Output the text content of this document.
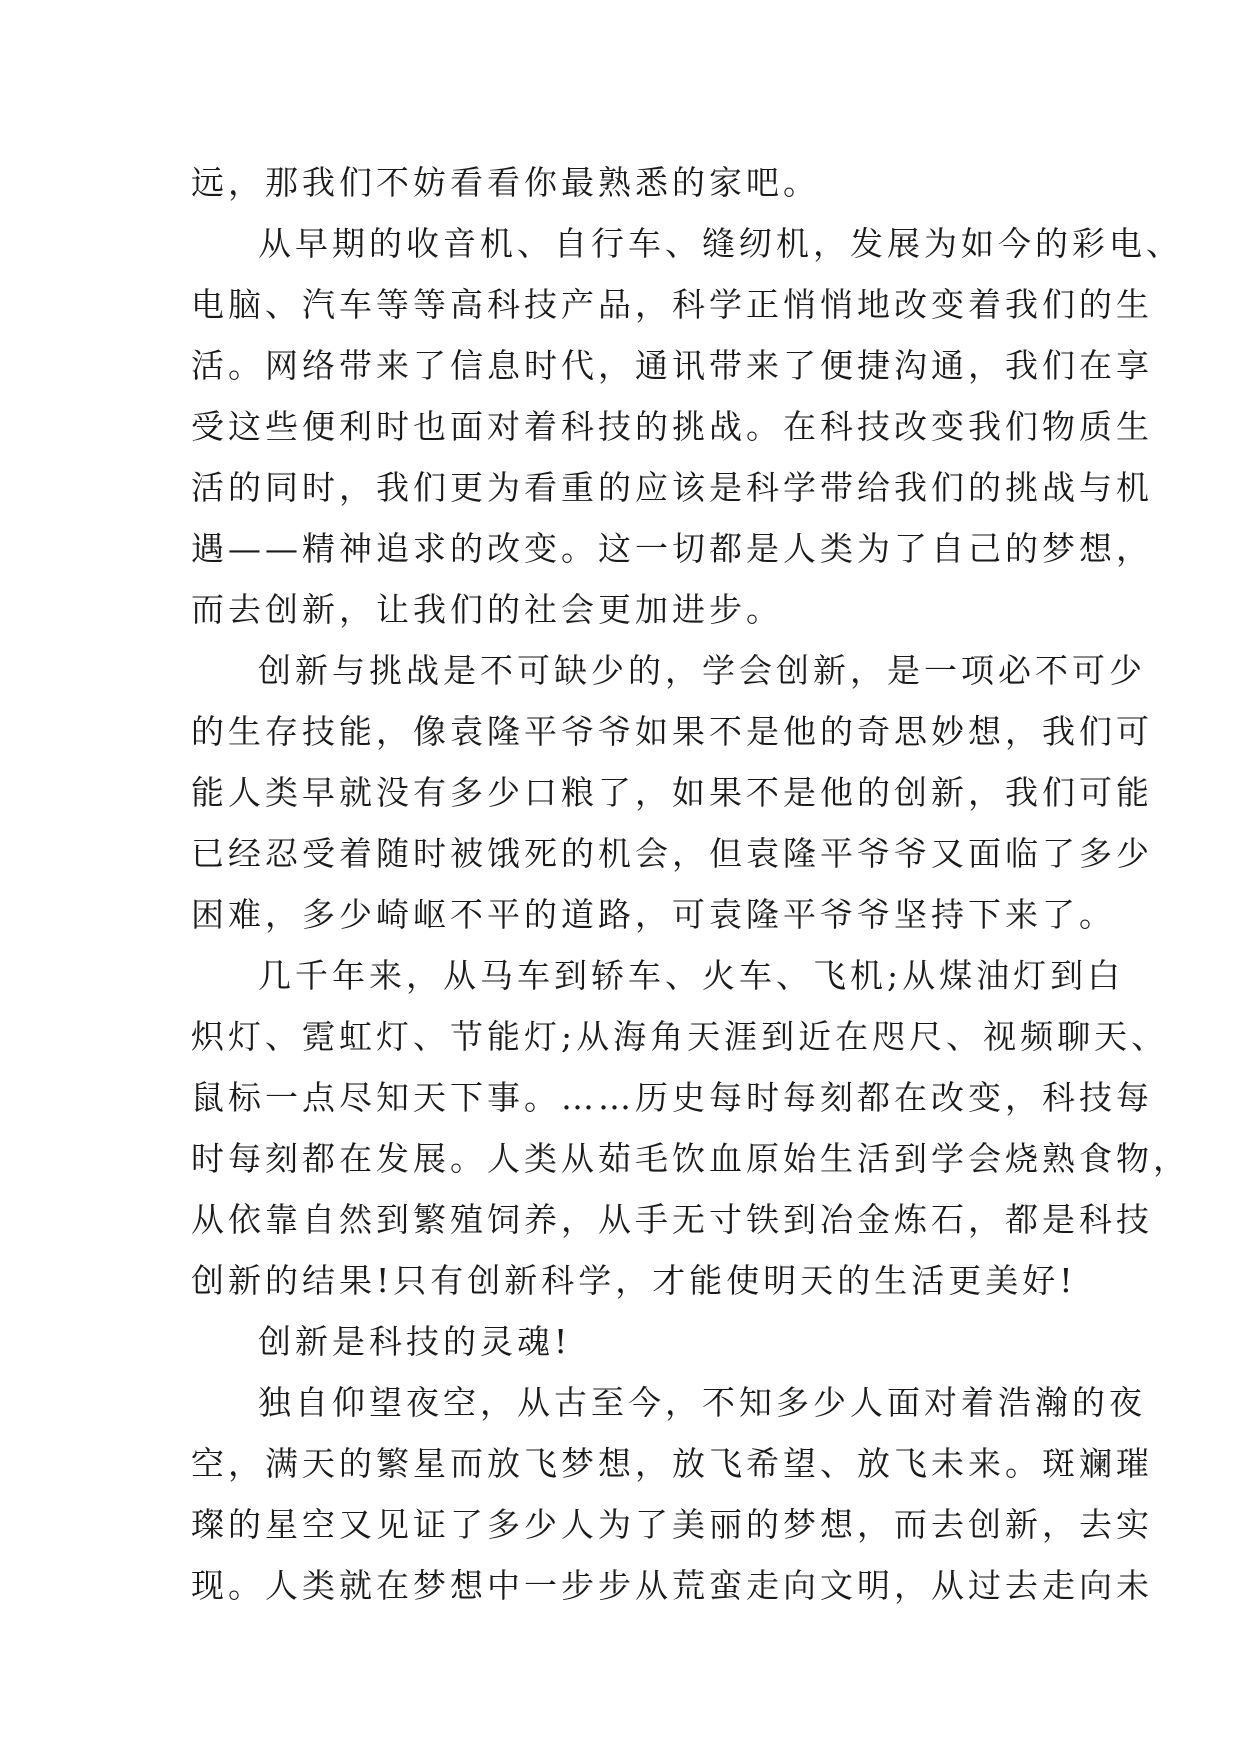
远，那我们不妨看看你最熟悉的家吧。
从早期的收音机、自行车、缝纫机，发展为如今的彩电、
电脑、汽车等等高科技产品，科学正悄悄地改变着我们的生
活。网络带来了信息时代，通讯带来了便捷沟通，我们在享
受这些便利时也面对着科技的挑战。在科技改变我们物质生
活的同时，我们更为看重的应该是科学带给我们的挑战与机
遇——精神追求的改变。这一切都是人类为了自己的梦想，
而去创新，让我们的社会更加进步。
创新与挑战是不可缺少的，学会创新，是一项必不可少
的生存技能，像袁隆平爷爷如果不是他的奇思妙想，我们可
能人类早就没有多少口粮了，如果不是他的创新，我们可能
已经忍受着随时被饿死的机会，但袁隆平爷爷又面临了多少
困难，多少崎岖不平的道路，可袁隆平爷爷坚持下来了。
几千年来，从马车到轿车、火车、飞机;从煤油灯到白
炽灯、霓虹灯、节能灯;从海角天涯到近在咫尺、视频聊天、
鼠标一点尽知天下事。……历史每时每刻都在改变，科技每
时每刻都在发展。人类从茹毛饮血原始生活到学会烧熟食物，
从依靠自然到繁殖饲养，从手无寸铁到冶金炼石，都是科技
创新的结果!只有创新科学，才能使明天的生活更美好!
创新是科技的灵魂!
独自仰望夜空，从古至今，不知多少人面对着浩瀚的夜
空，满天的繁星而放飞梦想，放飞希望、放飞未来。斑斓璀
璨的星空又见证了多少人为了美丽的梦想，而去创新，去实
现。人类就在梦想中一步步从荒蛮走向文明，从过去走向未
